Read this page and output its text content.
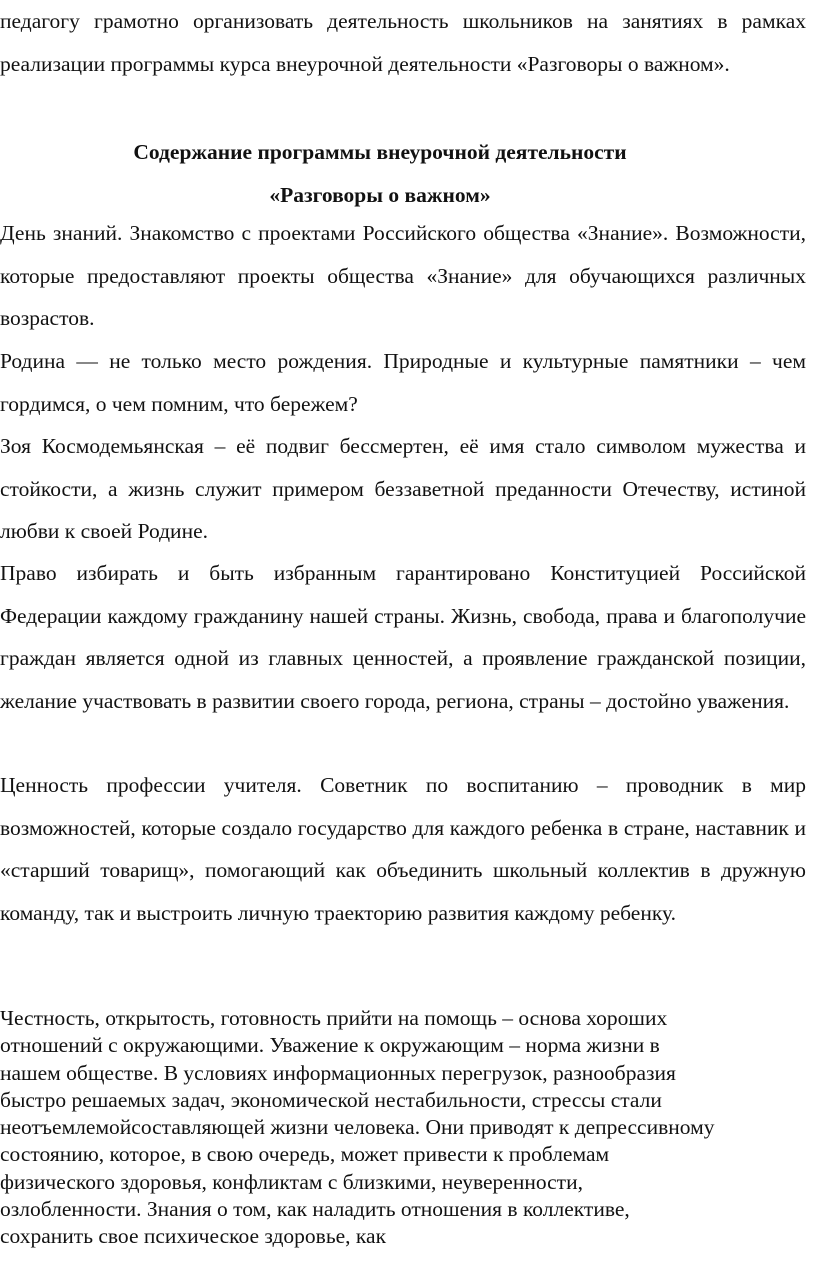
педагогу грамотно организовать деятельность школьников на занятиях в рамках реализации программы курса внеурочной деятельности «Разговоры о важном».

Содержание программы внеурочной деятельности
«Разговоры о важном»

День знаний. Знакомство с проектами Российского общества «Знание». Возможности, которые предоставляют проекты общества «Знание» для обучающихся различных возрастов.

Родина — не только место рождения. Природные и культурные памятники – чем гордимся, о чем помним, что бережем?

Зоя Космодемьянская – её подвиг бессмертен, её имя стало символом мужества и стойкости, а жизнь служит примером беззаветной преданности Отечеству, истиной любви к своей Родине.

Право избирать и быть избранным гарантировано Конституцией Российской Федерации каждому гражданину нашей страны. Жизнь, свобода, права и благополучие граждан является одной из главных ценностей, а проявление гражданской позиции, желание участвовать в развитии своего города, региона, страны – достойно уважения.

Ценность профессии учителя. Советник по воспитанию – проводник в мир возможностей, которые создало государство для каждого ребенка в стране, наставник и «старший товарищ», помогающий как объединить школьный коллектив в дружную команду, так и выстроить личную траекторию развития каждому ребенку.

Честность, открытость, готовность прийти на помощь – основа хороших
отношений с окружающими. Уважение к окружающим – норма жизни в
нашем обществе. В условиях информационных перегрузок, разнообразия
быстро решаемых задач, экономической нестабильности, стрессы стали
неотъемлемойсоставляющей жизни человека. Они приводят к депрессивному
состоянию, которое, в свою очередь, может привести к проблемам
физического здоровья, конфликтам с близкими, неуверенности,
озлобленности. Знания о том, как наладить отношения в коллективе,
сохранить свое психическое здоровье, как
